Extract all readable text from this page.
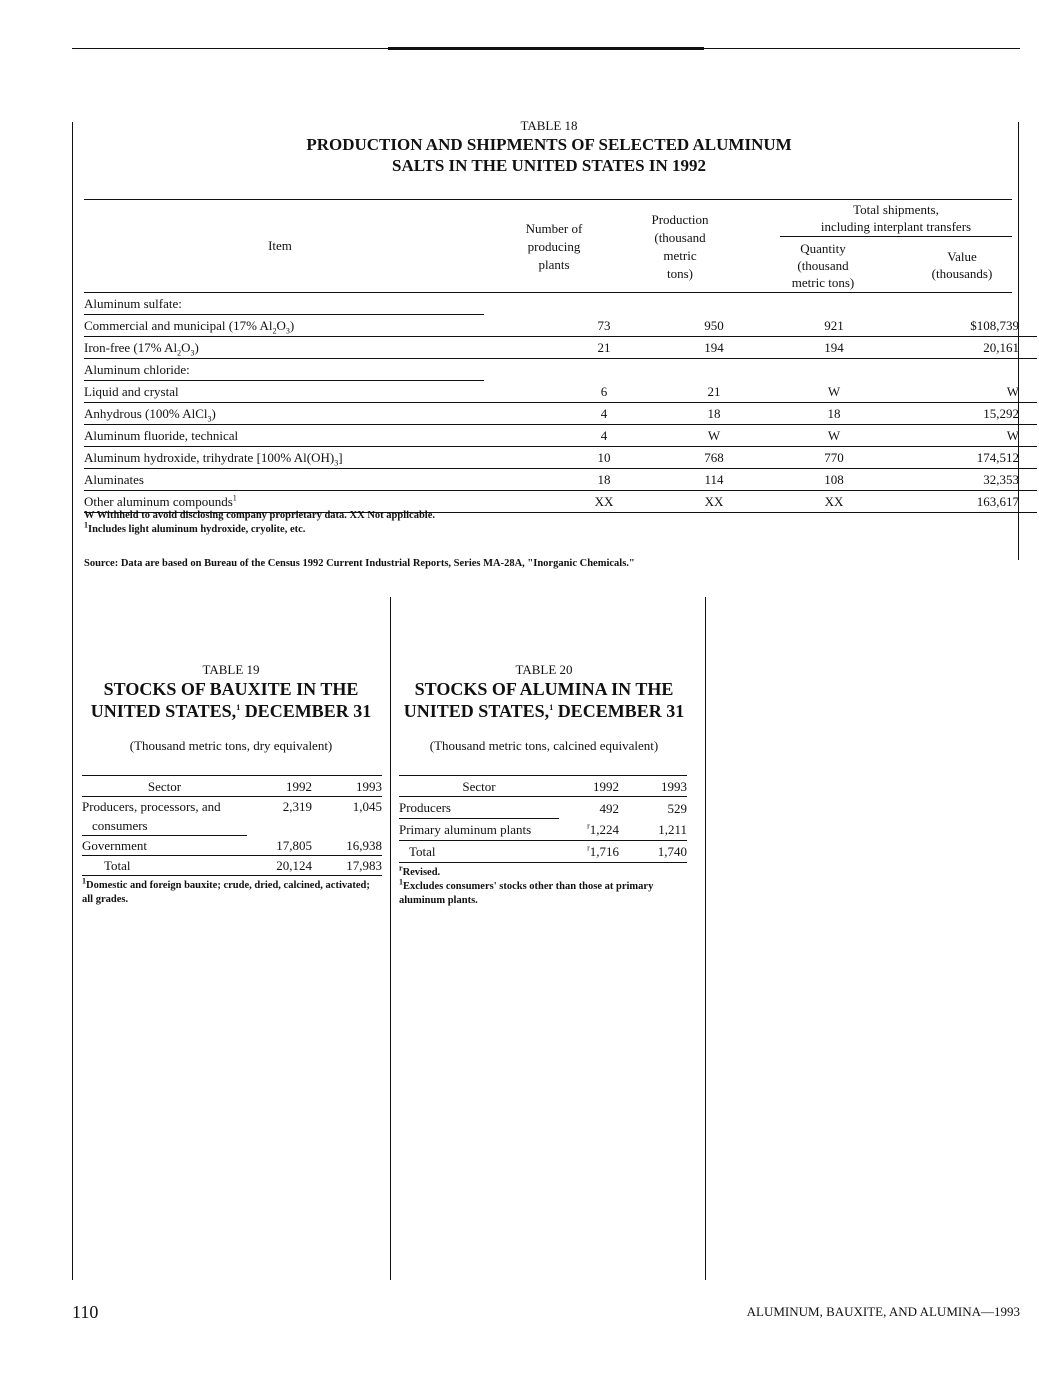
TABLE 18
PRODUCTION AND SHIPMENTS OF SELECTED ALUMINUM
SALTS IN THE UNITED STATES IN 1992
Item
Number of
producing
plants
Production
(thousand
metric
tons)
Total shipments,
including interplant transfers
Quantity
(thousand
metric tons)
Value
(thousands)
Aluminum sulfate:					
Commercial and municipal (17% $Al_2O_3$)		73	950	921	$108,739
Iron-free (17% $Al_2O_3$)		21	194	194	20,161
Aluminum chloride:					
Liquid and crystal		6	21	W	W
Anhydrous (100% AlCl$_3$)		4	18	18	15,292
Aluminum fluoride, technical		4	W	W	W
Aluminum hydroxide, trihydrate [100% $Al(OH)_3$]		10	768	770	174,512
Aluminates		18	114	108	32,353
Other aluminum compounds$^1$		XX	XX	XX	163,617
W Withheld to avoid disclosing company proprietary data. XX Not applicable.
$^1$Includes light aluminum hydroxide, cryolite, etc.
Source: Data are based on Bureau of the Census 1992 Current Industrial Reports, Series MA-28A, "Inorganic Chemicals."
TABLE 19
STOCKS OF BAUXITE IN THE
UNITED STATES,$^1$ DECEMBER 31
(Thousand metric tons, dry equivalent)
Sector	1992	1993

Producers, processors, and
consumers	2,319	1,045
Government	17,805	16,938
Total	20,124	17,983
$^1$Domestic and foreign bauxite; crude, dried, calcined, activated; all grades.
TABLE 20
STOCKS OF ALUMINA IN THE
UNITED STATES,$^1$ DECEMBER 31
(Thousand metric tons, calcined equivalent)
Sector	1992	1993
Producers	492	529
Primary aluminum plants	$^r$1,224	1,211
Total	$^r$1,716	1,740
$^r$Revised.
$^1$Excludes consumers' stocks other than those at primary aluminum plants.
110	ALUMINUM, BAUXITE, AND ALUMINA—1993
